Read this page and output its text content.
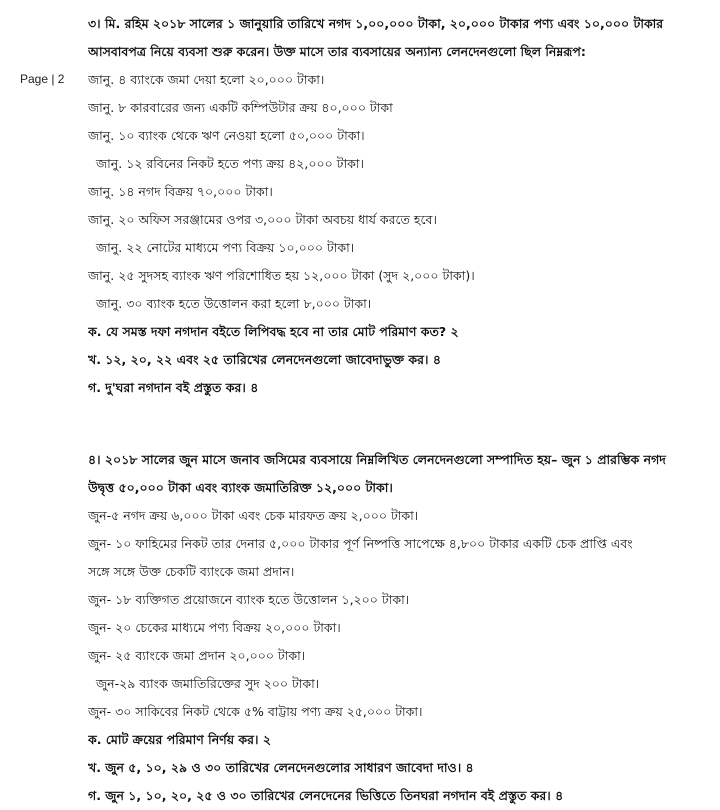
Page | 2
৩। মি. রহিম ২০১৮ সালের ১ জানুয়ারি তারিখে নগদ ১,০০,০০০ টাকা, ২০,০০০ টাকার পণ্য এবং ১০,০০০ টাকার
আসবাবপত্র নিয়ে ব্যবসা শুরু করেন। উক্ত মাসে তার ব্যবসায়ের অন্যান্য লেনদেনগুলো ছিল নিম্নরূপ:
জানু. ৪ ব্যাংকে জমা দেয়া হলো ২০,০০০ টাকা।
জানু. ৮ কারবারের জন্য একটি কম্পিউটার ক্রয় ৪০,০০০ টাকা
জানু. ১০ ব্যাংক থেকে ঋণ নেওয়া হলো ৫০,০০০ টাকা।
জানু. ১২ রবিনের নিকট হতে পণ্য ক্রয় ৪২,০০০ টাকা।
জানু. ১৪ নগদ বিক্রয় ৭০,০০০ টাকা।
জানু. ২০ অফিস সরঞ্জামের ওপর ৩,০০০ টাকা অবচয় ধার্য করতে হবে।
জানু. ২২ নোটের মাধ্যমে পণ্য বিক্রয় ১০,০০০ টাকা।
জানু. ২৫ সুদসহ ব্যাংক ঋণ পরিশোধিত হয় ১২,০০০ টাকা (সুদ ২,০০০ টাকা)।
জানু. ৩০ ব্যাংক হতে উত্তোলন করা হলো ৮,০০০ টাকা।
ক. যে সমস্ত দফা নগদান বইতে লিপিবদ্ধ হবে না তার মোট পরিমাণ কত? ২
খ. ১২, ২০, ২২ এবং ২৫ তারিখের লেনদেনগুলো জাবেদাভুক্ত কর। ৪
গ. দু'ঘরা নগদান বই প্রস্তুত কর। ৪
৪। ২০১৮ সালের জুন মাসে জনাব জসিমের ব্যবসায়ে নিম্নলিখিত লেনদেনগুলো সম্পাদিত হয়– জুন ১ প্রারম্ভিক নগদ
উদ্বৃত্ত ৫০,০০০ টাকা এবং ব্যাংক জমাতিরিক্ত ১২,০০০ টাকা।
জুন-৫ নগদ ক্রয় ৬,০০০ টাকা এবং চেক মারফত ক্রয় ২,০০০ টাকা।
জুন- ১০ ফাহিমের নিকট তার দেনার ৫,০০০ টাকার পূর্ণ নিষ্পত্তি সাপেক্ষে ৪,৮০০ টাকার একটি চেক প্রাপ্তি এবং
সঙ্গে সঙ্গে উক্ত চেকটি ব্যাংকে জমা প্রদান।
জুন- ১৮ ব্যক্তিগত প্রয়োজনে ব্যাংক হতে উত্তোলন ১,২০০ টাকা।
জুন- ২০ চেকের মাধ্যমে পণ্য বিক্রয় ২০,০০০ টাকা।
জুন- ২৫ ব্যাংকে জমা প্রদান ২০,০০০ টাকা।
জুন-২৯ ব্যাংক জমাতিরিক্তের সুদ ২০০ টাকা।
জুন- ৩০ সাকিবের নিকট থেকে ৫% বাট্টায় পণ্য ক্রয় ২৫,০০০ টাকা।
ক. মোট ক্রয়ের পরিমাণ নির্ণয় কর। ২
খ. জুন ৫, ১০, ২৯ ও ৩০ তারিখের লেনদেনগুলোর সাধারণ জাবেদা দাও। ৪
গ. জুন ১, ১০, ২০, ২৫ ও ৩০ তারিখের লেনদেনের ভিত্তিতে তিনঘরা নগদান বই প্রস্তুত কর। ৪
